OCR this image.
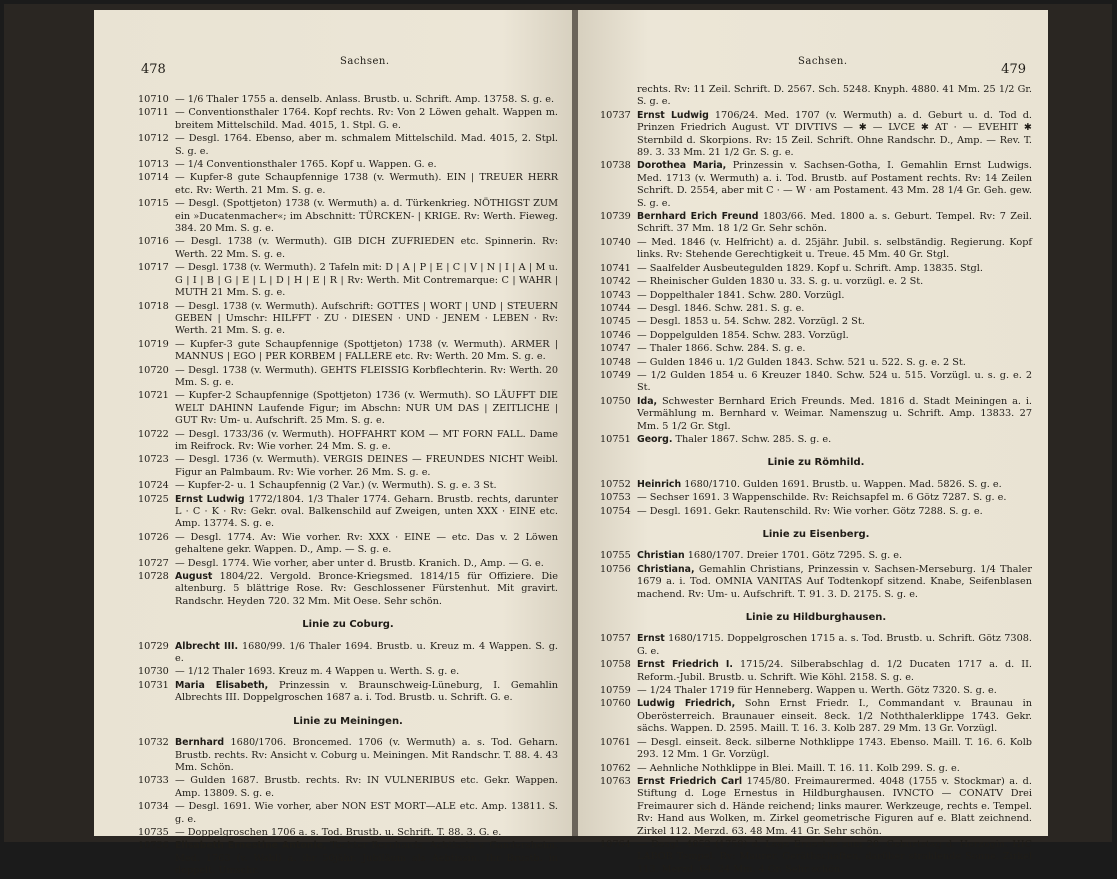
478
Sachsen.
10710 — 1/6 Thaler 1755 a. denselb. Anlass. Brustb. u. Schrift. Amp. 13758. S. g. e.
10711 — Conventionsthaler 1764. Kopf rechts. Rv: Von 2 Löwen gehalt. Wappen m. breitem Mittelschild. Mad. 4015, 1. Stpl. G. e.
10712 — Desgl. 1764. Ebenso, aber m. schmalem Mittelschild. Mad. 4015, 2. Stpl. S. g. e.
10713 — 1/4 Conventionsthaler 1765. Kopf u. Wappen. G. e.
10714 — Kupfer-8 gute Schaupfennige 1738 (v. Wermuth). EIN | TREUER HERR etc. Rv: Werth. 21 Mm. S. g. e.
10715 — Desgl. (Spottjeton) 1738 (v. Wermuth) a. d. Türkenkrieg. NÖTHIGST ZUM ein »Ducatenmacher«; im Abschnitt: TÜRCKEN- | KRIGE. Rv: Werth. Fieweg. 384. 20 Mm. S. g. e.
10716 — Desgl. 1738 (v. Wermuth). GIB DICH ZUFRIEDEN etc. Spinnerin. Rv: Werth. 22 Mm. S. g. e.
10717 — Desgl. 1738 (v. Wermuth). 2 Tafeln mit: D | A | P | E | C | V | N | I | A | M u. G | I | B | G | E | L | D | H | E | R | Rv: Werth. Mit Contremarque: C | WAHR | MUTH 21 Mm. S. g. e.
10718 — Desgl. 1738 (v. Wermuth). Aufschrift: GOTTES | WORT | UND | STEUERN GEBEN | Umschr: HILFFT · ZU · DIESEN · UND · JENEM · LEBEN · Rv: Werth. 21 Mm. S. g. e.
10719 — Kupfer-3 gute Schaupfennige (Spottjeton) 1738 (v. Wermuth). ARMER | MANNUS | EGO | PER KORBEM | FALLERE etc. Rv: Werth. 20 Mm. S. g. e.
10720 — Desgl. 1738 (v. Wermuth). GEHTS FLEISSIG Korbflechterin. Rv: Werth. 20 Mm. S. g. e.
10721 — Kupfer-2 Schaupfennige (Spottjeton) 1736 (v. Wermuth). SO LÄUFFT DIE WELT DAHINN Laufende Figur; im Abschn: NUR UM DAS | ZEITLICHE | GUT Rv: Um- u. Aufschrift. 25 Mm. S. g. e.
10722 — Desgl. 1733/36 (v. Wermuth). HOFFAHRT KOM — MT FORN FALL. Dame im Reifrock. Rv: Wie vorher. 24 Mm. S. g. e.
10723 — Desgl. 1736 (v. Wermuth). VERGIS DEINES — FREUNDES NICHT Weibl. Figur an Palmbaum. Rv: Wie vorher. 26 Mm. S. g. e.
10724 — Kupfer-2- u. 1 Schaupfennig (2 Var.) (v. Wermuth). S. g. e. 3 St.
10725 Ernst Ludwig 1772/1804. 1/3 Thaler 1774. Geharn. Brustb. rechts, darunter L · C · K · Rv: Gekr. oval. Balkenschild auf Zweigen, unten XXX · EINE etc. Amp. 13774. S. g. e.
10726 — Desgl. 1774. Av: Wie vorher. Rv: XXX · EINE — etc. Das v. 2 Löwen gehaltene gekr. Wappen. D., Amp. — S. g. e.
10727 — Desgl. 1774. Wie vorher, aber unter d. Brustb. Kranich. D., Amp. — G. e.
10728 August 1804/22. Vergold. Bronce-Kriegsmed. 1814/15 für Offiziere. Die altenburg. 5 blättrige Rose. Rv: Geschlossener Fürstenhut. Mit gravirt. Randschr. Heyden 720. 32 Mm. Mit Oese. Sehr schön.
Linie zu Coburg.
10729 Albrecht III. 1680/99. 1/6 Thaler 1694. Brustb. u. Kreuz m. 4 Wappen. S. g. e.
10730 — 1/12 Thaler 1693. Kreuz m. 4 Wappen u. Werth. S. g. e.
10731 Maria Elisabeth, Prinzessin v. Braunschweig-Lüneburg, I. Gemahlin Albrechts III. Doppelgroschen 1687 a. i. Tod. Brustb. u. Schrift. G. e.
Linie zu Meiningen.
10732 Bernhard 1680/1706. Broncemed. 1706 (v. Wermuth) a. s. Tod. Geharn. Brustb. rechts. Rv: Ansicht v. Coburg u. Meiningen. Mit Randschr. T. 88. 4. 43 Mm. Schön.
10733 — Gulden 1687. Brustb. rechts. Rv: IN VULNERIBUS etc. Gekr. Wappen. Amp. 13809. S. g. e.
10734 — Desgl. 1691. Wie vorher, aber NON EST MORT—ALE etc. Amp. 13811. S. g. e.
10735 — Doppelgroschen 1706 a. s. Tod. Brustb. u. Schrift. T. 88. 3. G. e.
10736 Elisabeth Ernestine Antonie, Tochter Bernhards, Aebtissin v. Gandersheim. Med. 1763 (v. Wahl) a. ihr 50jähr. Jubiläum als Aebtissin. Ihr Brustb. in doppelt. Umschr.
479
Sachsen.
rechts. Rv: 11 Zeil. Schrift. D. 2567. Sch. 5248. Knyph. 4880. 41 Mm. 25 1/2 Gr. S. g. e.
10737 Ernst Ludwig 1706/24. Med. 1707 (v. Wermuth) a. d. Geburt u. d. Tod d. Prinzen Friedrich August. VT DIVTIVS — ✱ — LVCE ✱ AT · — EVEHIT ✱ Sternbild d. Skorpions. Rv: 15 Zeil. Schrift. Ohne Randschr. D., Amp. — Rev. T. 89. 3. 33 Mm. 21 1/2 Gr. S. g. e.
10738 Dorothea Maria, Prinzessin v. Sachsen-Gotha, I. Gemahlin Ernst Ludwigs. Med. 1713 (v. Wermuth) a. i. Tod. Brustb. auf Postament rechts. Rv: 14 Zeilen Schrift. D. 2554, aber mit C · — W · am Postament. 43 Mm. 28 1/4 Gr. Geh. gew. S. g. e.
10739 Bernhard Erich Freund 1803/66. Med. 1800 a. s. Geburt. Tempel. Rv: 7 Zeil. Schrift. 37 Mm. 18 1/2 Gr. Sehr schön.
10740 — Med. 1846 (v. Helfricht) a. d. 25jähr. Jubil. s. selbständig. Regierung. Kopf links. Rv: Stehende Gerechtigkeit u. Treue. 45 Mm. 40 Gr. Stgl.
10741 — Saalfelder Ausbeutegulden 1829. Kopf u. Schrift. Amp. 13835. Stgl.
10742 — Rheinischer Gulden 1830 u. 33. S. g. u. vorzügl. e. 2 St.
10743 — Doppelthaler 1841. Schw. 280. Vorzügl.
10744 — Desgl. 1846. Schw. 281. S. g. e.
10745 — Desgl. 1853 u. 54. Schw. 282. Vorzügl. 2 St.
10746 — Doppelgulden 1854. Schw. 283. Vorzügl.
10747 — Thaler 1866. Schw. 284. S. g. e.
10748 — Gulden 1846 u. 1/2 Gulden 1843. Schw. 521 u. 522. S. g. e. 2 St.
10749 — 1/2 Gulden 1854 u. 6 Kreuzer 1840. Schw. 524 u. 515. Vorzügl. u. s. g. e. 2 St.
10750 Ida, Schwester Bernhard Erich Freunds. Med. 1816 d. Stadt Meiningen a. i. Vermählung m. Bernhard v. Weimar. Namenszug u. Schrift. Amp. 13833. 27 Mm. 5 1/2 Gr. Stgl.
10751 Georg. Thaler 1867. Schw. 285. S. g. e.
Linie zu Römhild.
10752 Heinrich 1680/1710. Gulden 1691. Brustb. u. Wappen. Mad. 5826. S. g. e.
10753 — Sechser 1691. 3 Wappenschilde. Rv: Reichsapfel m. 6 Götz 7287. S. g. e.
10754 — Desgl. 1691. Gekr. Rautenschild. Rv: Wie vorher. Götz 7288. S. g. e.
Linie zu Eisenberg.
10755 Christian 1680/1707. Dreier 1701. Götz 7295. S. g. e.
10756 Christiana, Gemahlin Christians, Prinzessin v. Sachsen-Merseburg. 1/4 Thaler 1679 a. i. Tod. OMNIA VANITAS Auf Todtenkopf sitzend. Knabe, Seifenblasen machend. Rv: Um- u. Aufschrift. T. 91. 3. D. 2175. S. g. e.
Linie zu Hildburghausen.
10757 Ernst 1680/1715. Doppelgroschen 1715 a. s. Tod. Brustb. u. Schrift. Götz 7308. G. e.
10758 Ernst Friedrich I. 1715/24. Silberabschlag d. 1/2 Ducaten 1717 a. d. II. Reform.-Jubil. Brustb. u. Schrift. Wie Köhl. 2158. S. g. e.
10759 — 1/24 Thaler 1719 für Henneberg. Wappen u. Werth. Götz 7320. S. g. e.
10760 Ludwig Friedrich, Sohn Ernst Friedr. I., Commandant v. Braunau in Oberösterreich. Braunauer einseit. 8eck. 1/2 Noththalerklippe 1743. Gekr. sächs. Wappen. D. 2595. Maill. T. 16. 3. Kolb 287. 29 Mm. 13 Gr. Vorzügl.
10761 — Desgl. einseit. 8eck. silberne Nothklippe 1743. Ebenso. Maill. T. 16. 6. Kolb 293. 12 Mm. 1 Gr. Vorzügl.
10762 — Aehnliche Nothklippe in Blei. Maill. T. 16. 11. Kolb 299. S. g. e.
10763 Ernst Friedrich Carl 1745/80. Freimaurermed. 4048 (1755 v. Stockmar) a. d. Stiftung d. Loge Ernestus in Hildburghausen. IVNCTO — CONATV Drei Freimaurer sich d. Hände reichend; links maurer. Werkzeuge, rechts e. Tempel. Rv: Hand aus Wolken, m. Zirkel geometrische Figuren auf e. Blatt zeichnend. Zirkel 112. Merzd. 63. 48 Mm. 41 Gr. Sehr schön.
10764 — Desgl. 4052 (1759) d. Loge Ernestus zum 20. Geburtstag d. Herzogin. HIC LABOR Tempel. Rv: Maurer. Geräthschaften, darüber strahlende Sonne. Zirkel 113. Merzd. 64. 24 Mm. 4 Gr. Sehr schön.
